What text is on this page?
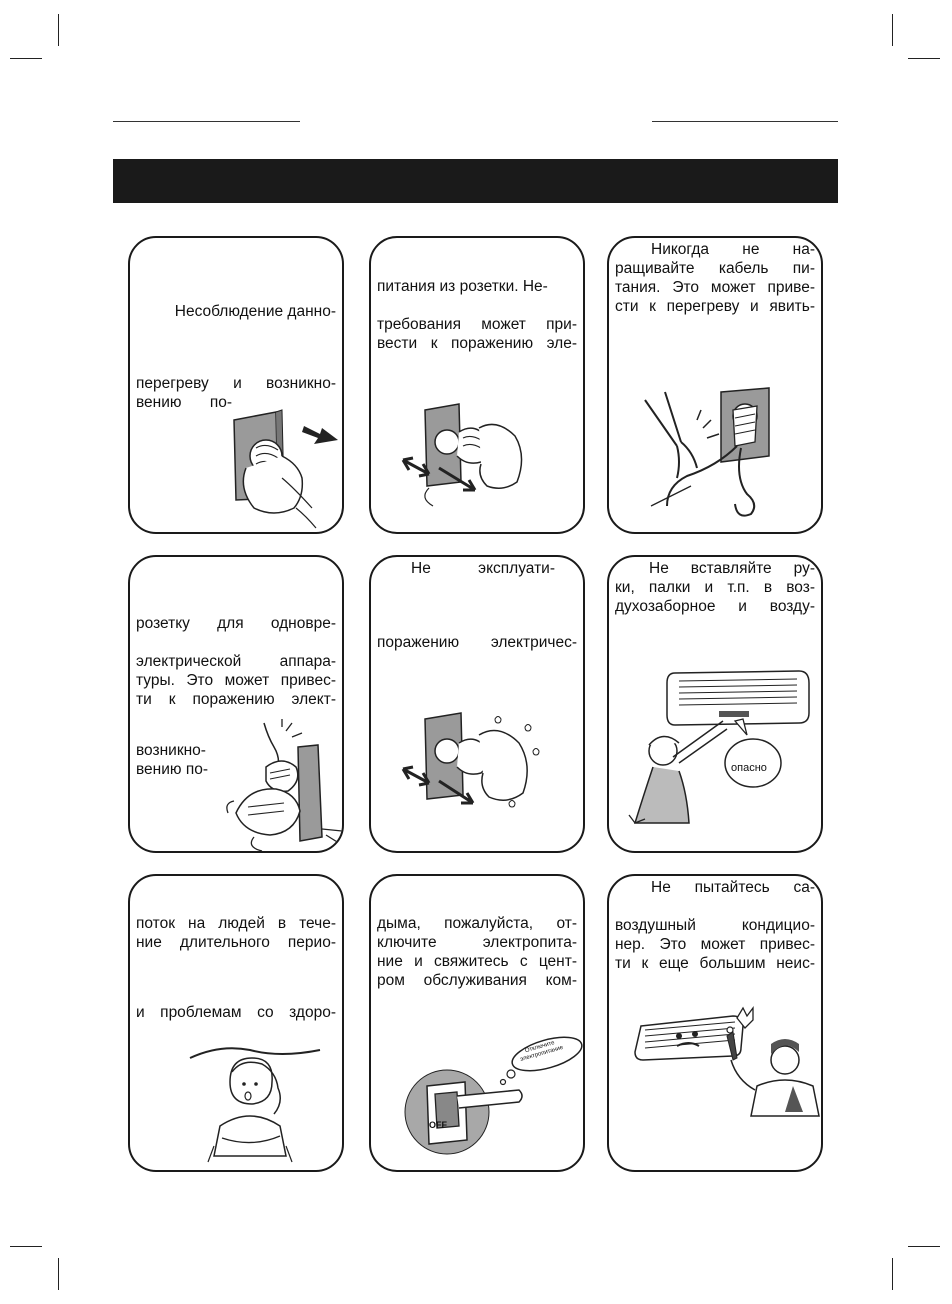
Несоблюдение данно-
перегреву и возникно-
вению по-
питания из розетки. Не-
требования может при-
вести к поражению эле-
Никогда не на-
ращивайте кабель пи-
тания. Это может приве-
сти к перегреву и явить-
розетку для одновре-
электрической аппара-
туры. Это может привес-
ти к поражению элект-
возникно-
вению по-
Не эксплуати-
поражению электричес-
Не вставляйте ру-
ки, палки и т.п. в воз-
духозаборное и возду-
опасно
поток на людей в тече-
ние длительного перио-
и проблемам со здоро-
дыма, пожалуйста, от-
ключите электропита-
ние и свяжитесь с цент-
ром обслуживания ком-
Отключите электропитание
OFF
Не пытайтесь са-
воздушный кондицио-
нер. Это может привес-
ти к еще большим неис-
